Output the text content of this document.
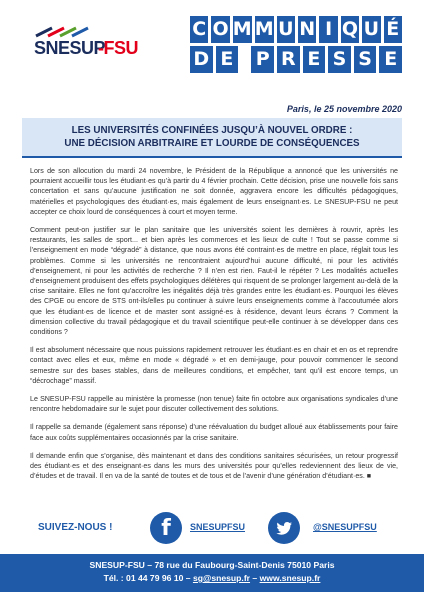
SNESUP
-FSU
C O M M U N I Q U É
D E P R E S S E
Paris, le 25 novembre 2020
LES UNIVERSITÉS CONFINÉES JUSQU’À NOUVEL ORDRE :
UNE DÉCISION ARBITRAIRE ET LOURDE DE CONSÉQUENCES

Lors de son allocution du mardi 24 novembre, le Président de la République a annoncé que les universités ne pourraient accueillir tous les étudiant·es qu’à partir du 4 février prochain. Cette décision, prise une nouvelle fois sans concertation et sans qu’aucune justification ne soit donnée, aggravera encore les difficultés pédagogiques, matérielles et psychologiques des étudiant·es, mais également de leurs enseignant·es. Le SNESUP-FSU ne peut accepter ce choix lourd de conséquences à court et moyen terme.

Comment peut-on justifier sur le plan sanitaire que les universités soient les dernières à rouvrir, après les restaurants, les salles de sport... et bien après les commerces et les lieux de culte ! Tout se passe comme si l’enseignement en mode “dégradé” à distance, que nous avons été contraint·es de mettre en place, réglait tous les problèmes. Comme si les universités ne rencontraient aujourd’hui aucune difficulté, ni pour les activités d’enseignement, ni pour les activités de recherche ? Il n’en est rien. Faut-il le répéter ? Les modalités actuelles d’enseignement produisent des effets psychologiques délétères qui risquent de se prolonger largement au-delà de la crise sanitaire. Elles ne font qu’accroître les inégalités déjà très grandes entre les étudiant·es. Pourquoi les élèves des CPGE ou encore de STS ont-ils/elles pu continuer à suivre leurs enseignements comme à l’accoutumée alors que les étudiant·es de licence et de master sont assigné·es à résidence, devant leurs écrans ? Comment la dimension collective du travail pédagogique et du travail scientifique peut-elle continuer à se développer dans ces conditions ?

Il est absolument nécessaire que nous puissions rapidement retrouver les étudiant·es en chair et en os et reprendre contact avec elles et eux, même en mode « dégradé » et en demi-jauge, pour pouvoir commencer le second semestre sur des bases stables, dans de meilleures conditions, et empêcher, tant qu’il est encore temps, un “décrochage” massif.

Le SNESUP-FSU rappelle au ministère la promesse (non tenue) faite fin octobre aux organisations syndicales d’une rencontre hebdomadaire sur le sujet pour discuter collectivement des solutions.

Il rappelle sa demande (également sans réponse) d’une réévaluation du budget alloué aux établissements pour faire face aux coûts supplémentaires occasionnés par la crise sanitaire.

Il demande enfin que s’organise, dès maintenant et dans des conditions sanitaires sécurisées, un retour progressif des étudiant·es et des enseignant·es dans les murs des universités pour qu’elles redeviennent des lieux de vie, d’études et de travail. Il en va de la santé de toutes et de tous et de l’avenir d’une génération d’étudiant·es. ■

SUIVEZ-NOUS !	f	SNESUPFSU	@SNESUPFSU
SNESUP-FSU – 78 rue du Faubourg-Saint-Denis 75010 Paris
Tél. : 01 44 79 96 10 – sg@snesup.fr – www.snesup.fr
